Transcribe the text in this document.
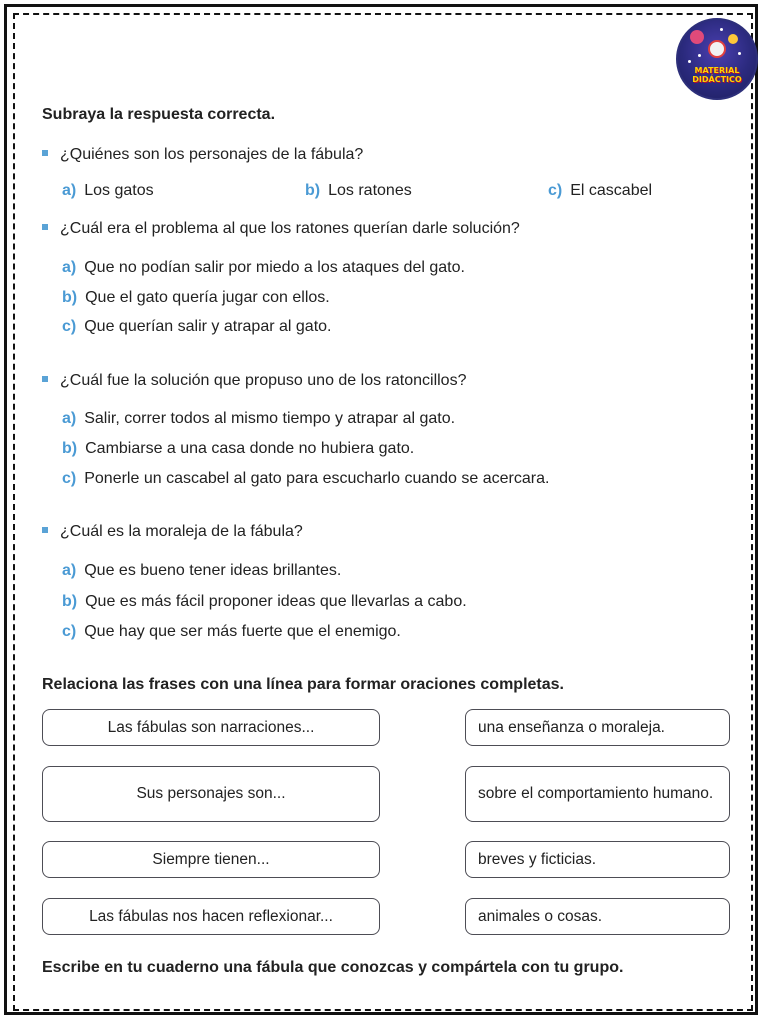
MATERIAL
DIDÁCTICO
Subraya la respuesta correcta.
¿Quiénes son los personajes de la fábula?
a) Los gatos	b) Los ratones	c) El cascabel
¿Cuál era el problema al que los ratones querían darle solución?
a) Que no podían salir por miedo a los ataques del gato.
b) Que el gato quería jugar con ellos.
c) Que querían salir y atrapar al gato.
¿Cuál fue la solución que propuso uno de los ratoncillos?
a) Salir, correr todos al mismo tiempo y atrapar al gato.
b) Cambiarse a una casa donde no hubiera gato.
c) Ponerle un cascabel al gato para escucharlo cuando se acercara.
¿Cuál es la moraleja de la fábula?
a) Que es bueno tener ideas brillantes.
b) Que es más fácil proponer ideas que llevarlas a cabo.
c) Que hay que ser más fuerte que el enemigo.
Relaciona las frases con una línea para formar oraciones completas.
Las fábulas son narraciones...
Sus personajes son...
Siempre tienen...
Las fábulas nos hacen reflexionar...
una enseñanza o moraleja.
sobre el comportamiento humano.
breves y ficticias.
animales o cosas.
Escribe en tu cuaderno una fábula que conozcas y compártela con tu grupo.
